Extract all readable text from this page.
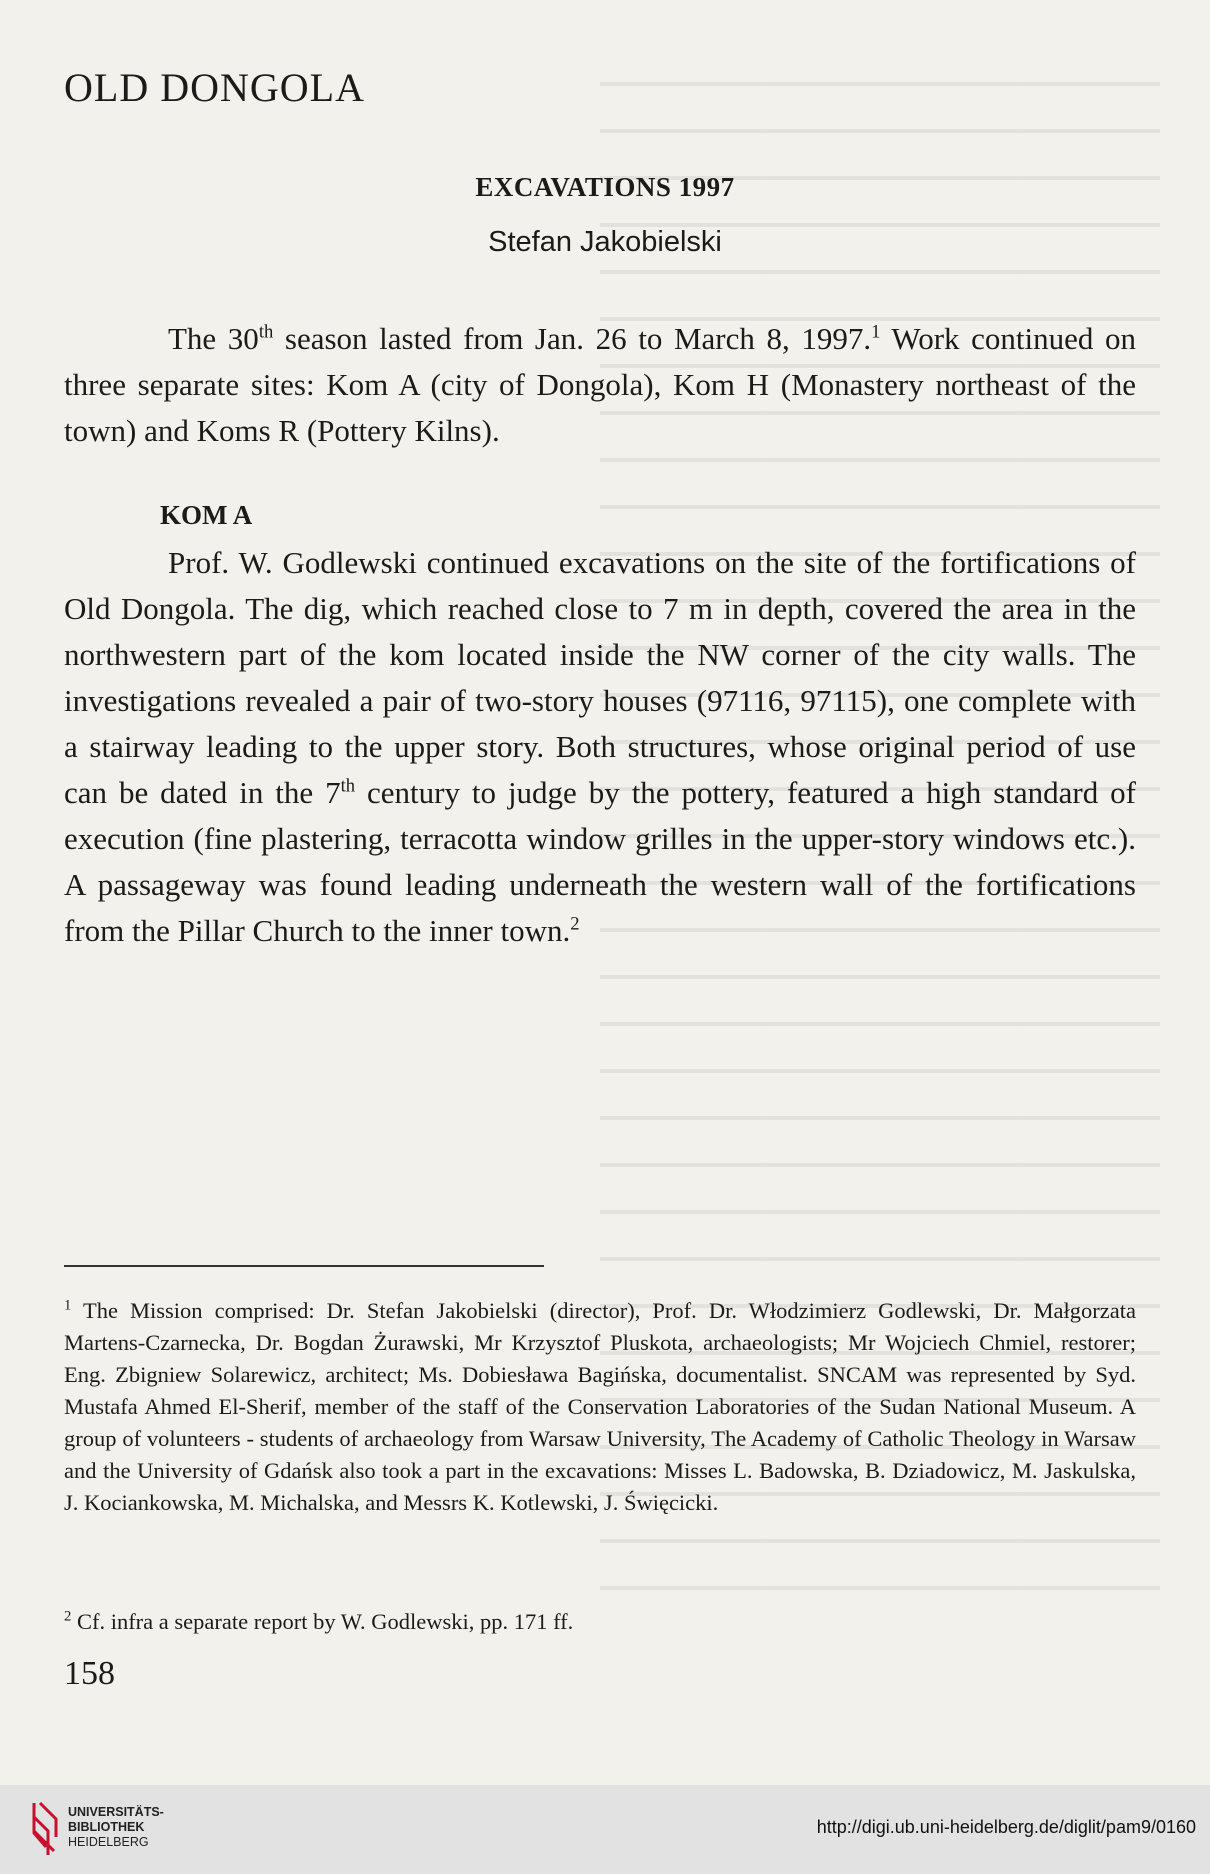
OLD DONGOLA
EXCAVATIONS 1997
Stefan Jakobielski

The 30th season lasted from Jan. 26 to March 8, 1997.$^1$ Work continued on three separate sites: Kom A (city of Dongola), Kom H (Monastery northeast of the town) and Koms R (Pottery Kilns).

KOM A

Prof. W. Godlewski continued excavations on the site of the fortifications of Old Dongola. The dig, which reached close to 7 m in depth, covered the area in the northwestern part of the kom located inside the NW corner of the city walls. The investigations revealed a pair of two-story houses (97116, 97115), one complete with a stairway leading to the upper story. Both structures, whose original period of use can be dated in the 7th century to judge by the pottery, featured a high standard of execution (fine plastering, terracotta window grilles in the upper-story windows etc.). A passageway was found leading underneath the western wall of the fortifications from the Pillar Church to the inner town.$^2$

$^1$ The Mission comprised: Dr. Stefan Jakobielski (director), Prof. Dr. Włodzimierz Godlewski, Dr. Małgorzata Martens-Czarnecka, Dr. Bogdan Żurawski, Mr Krzysztof Pluskota, archaeologists; Mr Wojciech Chmiel, restorer; Eng. Zbigniew Solarewicz, architect; Ms. Dobiesława Bagińska, documentalist. SNCAM was represented by Syd. Mustafa Ahmed El-Sherif, member of the staff of the Conservation Laboratories of the Sudan National Museum. A group of volunteers - students of archaeology from Warsaw University, The Academy of Catholic Theology in Warsaw and the University of Gdańsk also took a part in the excavations: Misses L. Badowska, B. Dziadowicz, M. Jaskulska, J. Kociankowska, M. Michalska, and Messrs K. Kotlewski, J. Święcicki.

$^2$ Cf. infra a separate report by W. Godlewski, pp. 171 ff.

158
UNIVERSITÄTS-
BIBLIOTHEK
HEIDELBERG
http://digi.ub.uni-heidelberg.de/diglit/pam9/0160
